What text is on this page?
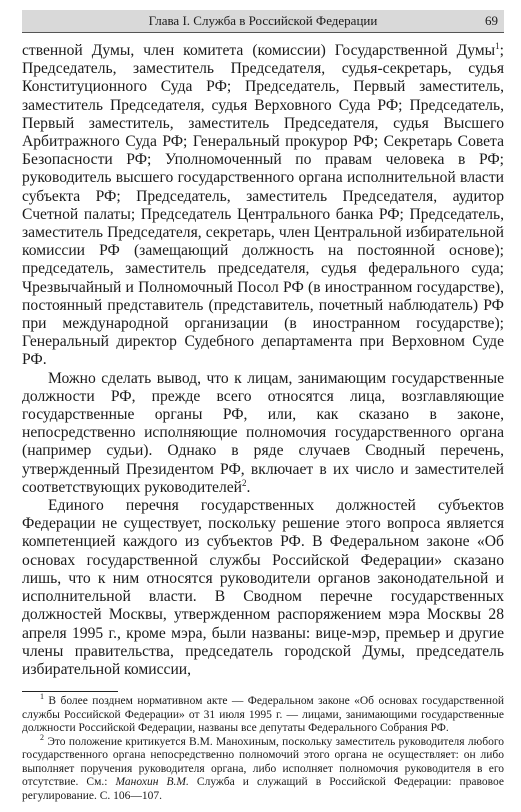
Глава I. Служба в Российской Федерации	69

ственной Думы, член комитета (комиссии) Государственной Думы$^1$; Председатель, заместитель Председателя, судья-секретарь, судья Конституционного Суда РФ; Председатель, Первый заместитель, заместитель Председателя, судья Верховного Суда РФ; Председатель, Первый заместитель, заместитель Председателя, судья Высшего Арбитражного Суда РФ; Генеральный прокурор РФ; Секретарь Совета Безопасности РФ; Уполномоченный по правам человека в РФ; руководитель высшего государственного органа исполнительной власти субъекта РФ; Председатель, заместитель Председателя, аудитор Счетной палаты; Председатель Центрального банка РФ; Председатель, заместитель Председателя, секретарь, член Центральной избирательной комиссии РФ (замещающий должность на постоянной основе); председатель, заместитель председателя, судья федерального суда; Чрезвычайный и Полномочный Посол РФ (в иностранном государстве), постоянный представитель (представитель, почетный наблюдатель) РФ при международной организации (в иностранном государстве); Генеральный директор Судебного департамента при Верховном Суде РФ.

Можно сделать вывод, что к лицам, занимающим государственные должности РФ, прежде всего относятся лица, возглавляющие государственные органы РФ, или, как сказано в законе, непосредственно исполняющие полномочия государственного органа (например судьи). Однако в ряде случаев Сводный перечень, утвержденный Президентом РФ, включает в их число и заместителей соответствующих руководителей$^2$.

Единого перечня государственных должностей субъектов Федерации не существует, поскольку решение этого вопроса является компетенцией каждого из субъектов РФ. В Федеральном законе «Об основах государственной службы Российской Федерации» сказано лишь, что к ним относятся руководители органов законодательной и исполнительной власти. В Сводном перечне государственных должностей Москвы, утвержденном распоряжением мэра Москвы 28 апреля 1995 г., кроме мэра, были названы: вице-мэр, премьер и другие члены правительства, председатель городской Думы, председатель избирательной комиссии,

$^1$ В более позднем нормативном акте — Федеральном законе «Об основах государственной службы Российской Федерации» от 31 июля 1995 г. — лицами, занимающими государственные должности Российской Федерации, названы все депутаты Федерального Собрания РФ.

$^2$ Это положение критикуется В.М. Манохиным, поскольку заместитель руководителя любого государственного органа непосредственно полномочий этого органа не осуществляет: он либо выполняет поручения руководителя органа, либо исполняет полномочия руководителя в его отсутствие. См.: Манохин В.М. Служба и служащий в Российской Федерации: правовое регулирование. С. 106—107.
